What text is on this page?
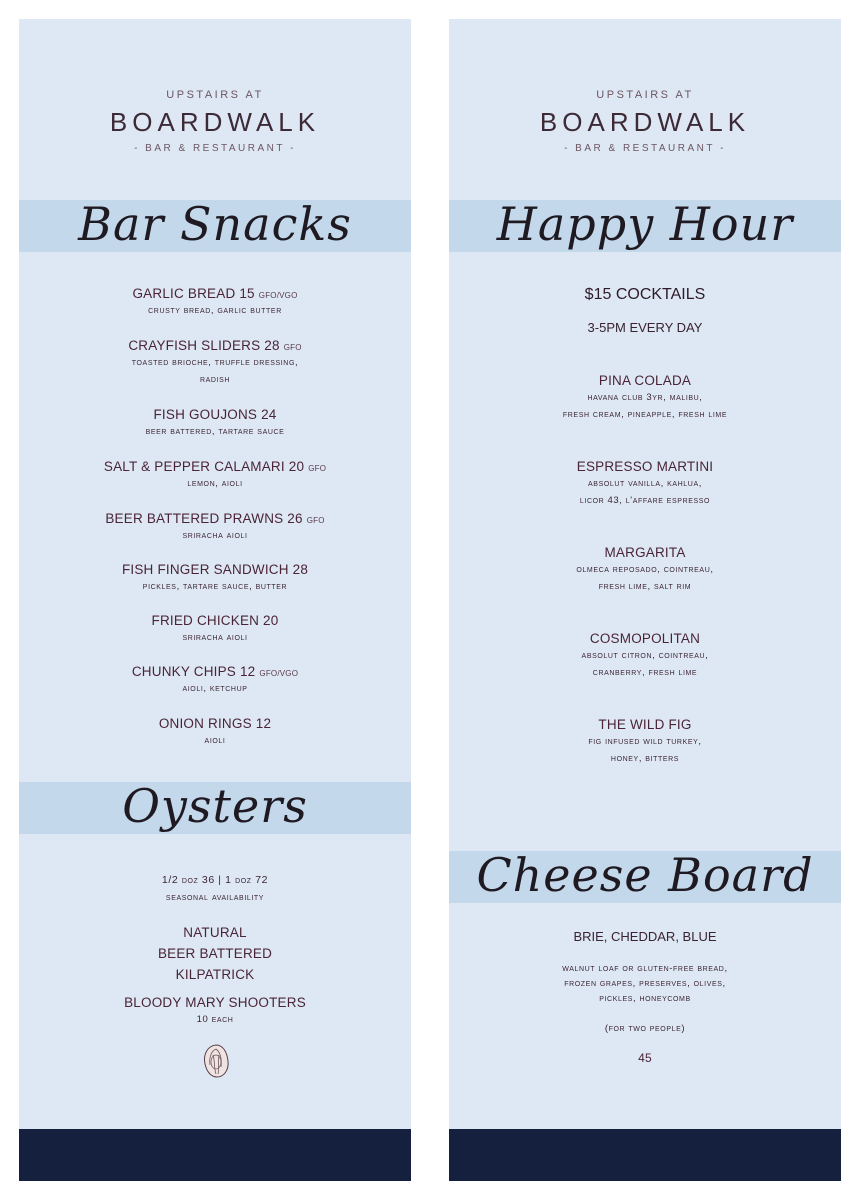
UPSTAIRS AT
BOARDWALK
- BAR & RESTAURANT -
Bar Snacks
GARLIC BREAD 15 GFO/VGO
crusty bread, garlic butter
CRAYFISH SLIDERS 28 GFO
toasted brioche, truffle dressing,
radish
FISH GOUJONS 24
beer battered, tartare sauce
SALT & PEPPER CALAMARI 20 GFO
lemon, aioli
BEER BATTERED PRAWNS 26 GFO
sriracha aioli
FISH FINGER SANDWICH 28
pickles, tartare sauce, butter
FRIED CHICKEN 20
sriracha aioli
CHUNKY CHIPS 12 GFO/VGO
aioli, ketchup
ONION RINGS 12
aioli
Oysters
1/2 doz 36 | 1 doz 72
seasonal availability
NATURAL
BEER BATTERED
KILPATRICK
BLOODY MARY SHOOTERS
10 each
UPSTAIRS AT
BOARDWALK
- BAR & RESTAURANT -
Happy Hour
$15 COCKTAILS
3-5PM EVERY DAY
PINA COLADA
havana club 3yr, malibu,
fresh cream, pineapple, fresh lime
ESPRESSO MARTINI
absolut vanilla, kahlua,
licor 43, l'affare espresso
MARGARITA
olmeca reposado, cointreau,
fresh lime, salt rim
COSMOPOLITAN
absolut citron, cointreau,
cranberry, fresh lime
THE WILD FIG
fig infused wild turkey,
honey, bitters
Cheese Board
BRIE, CHEDDAR, BLUE
walnut loaf or gluten-free bread,
frozen grapes, preserves, olives,
pickles, honeycomb
(for two people)
45
